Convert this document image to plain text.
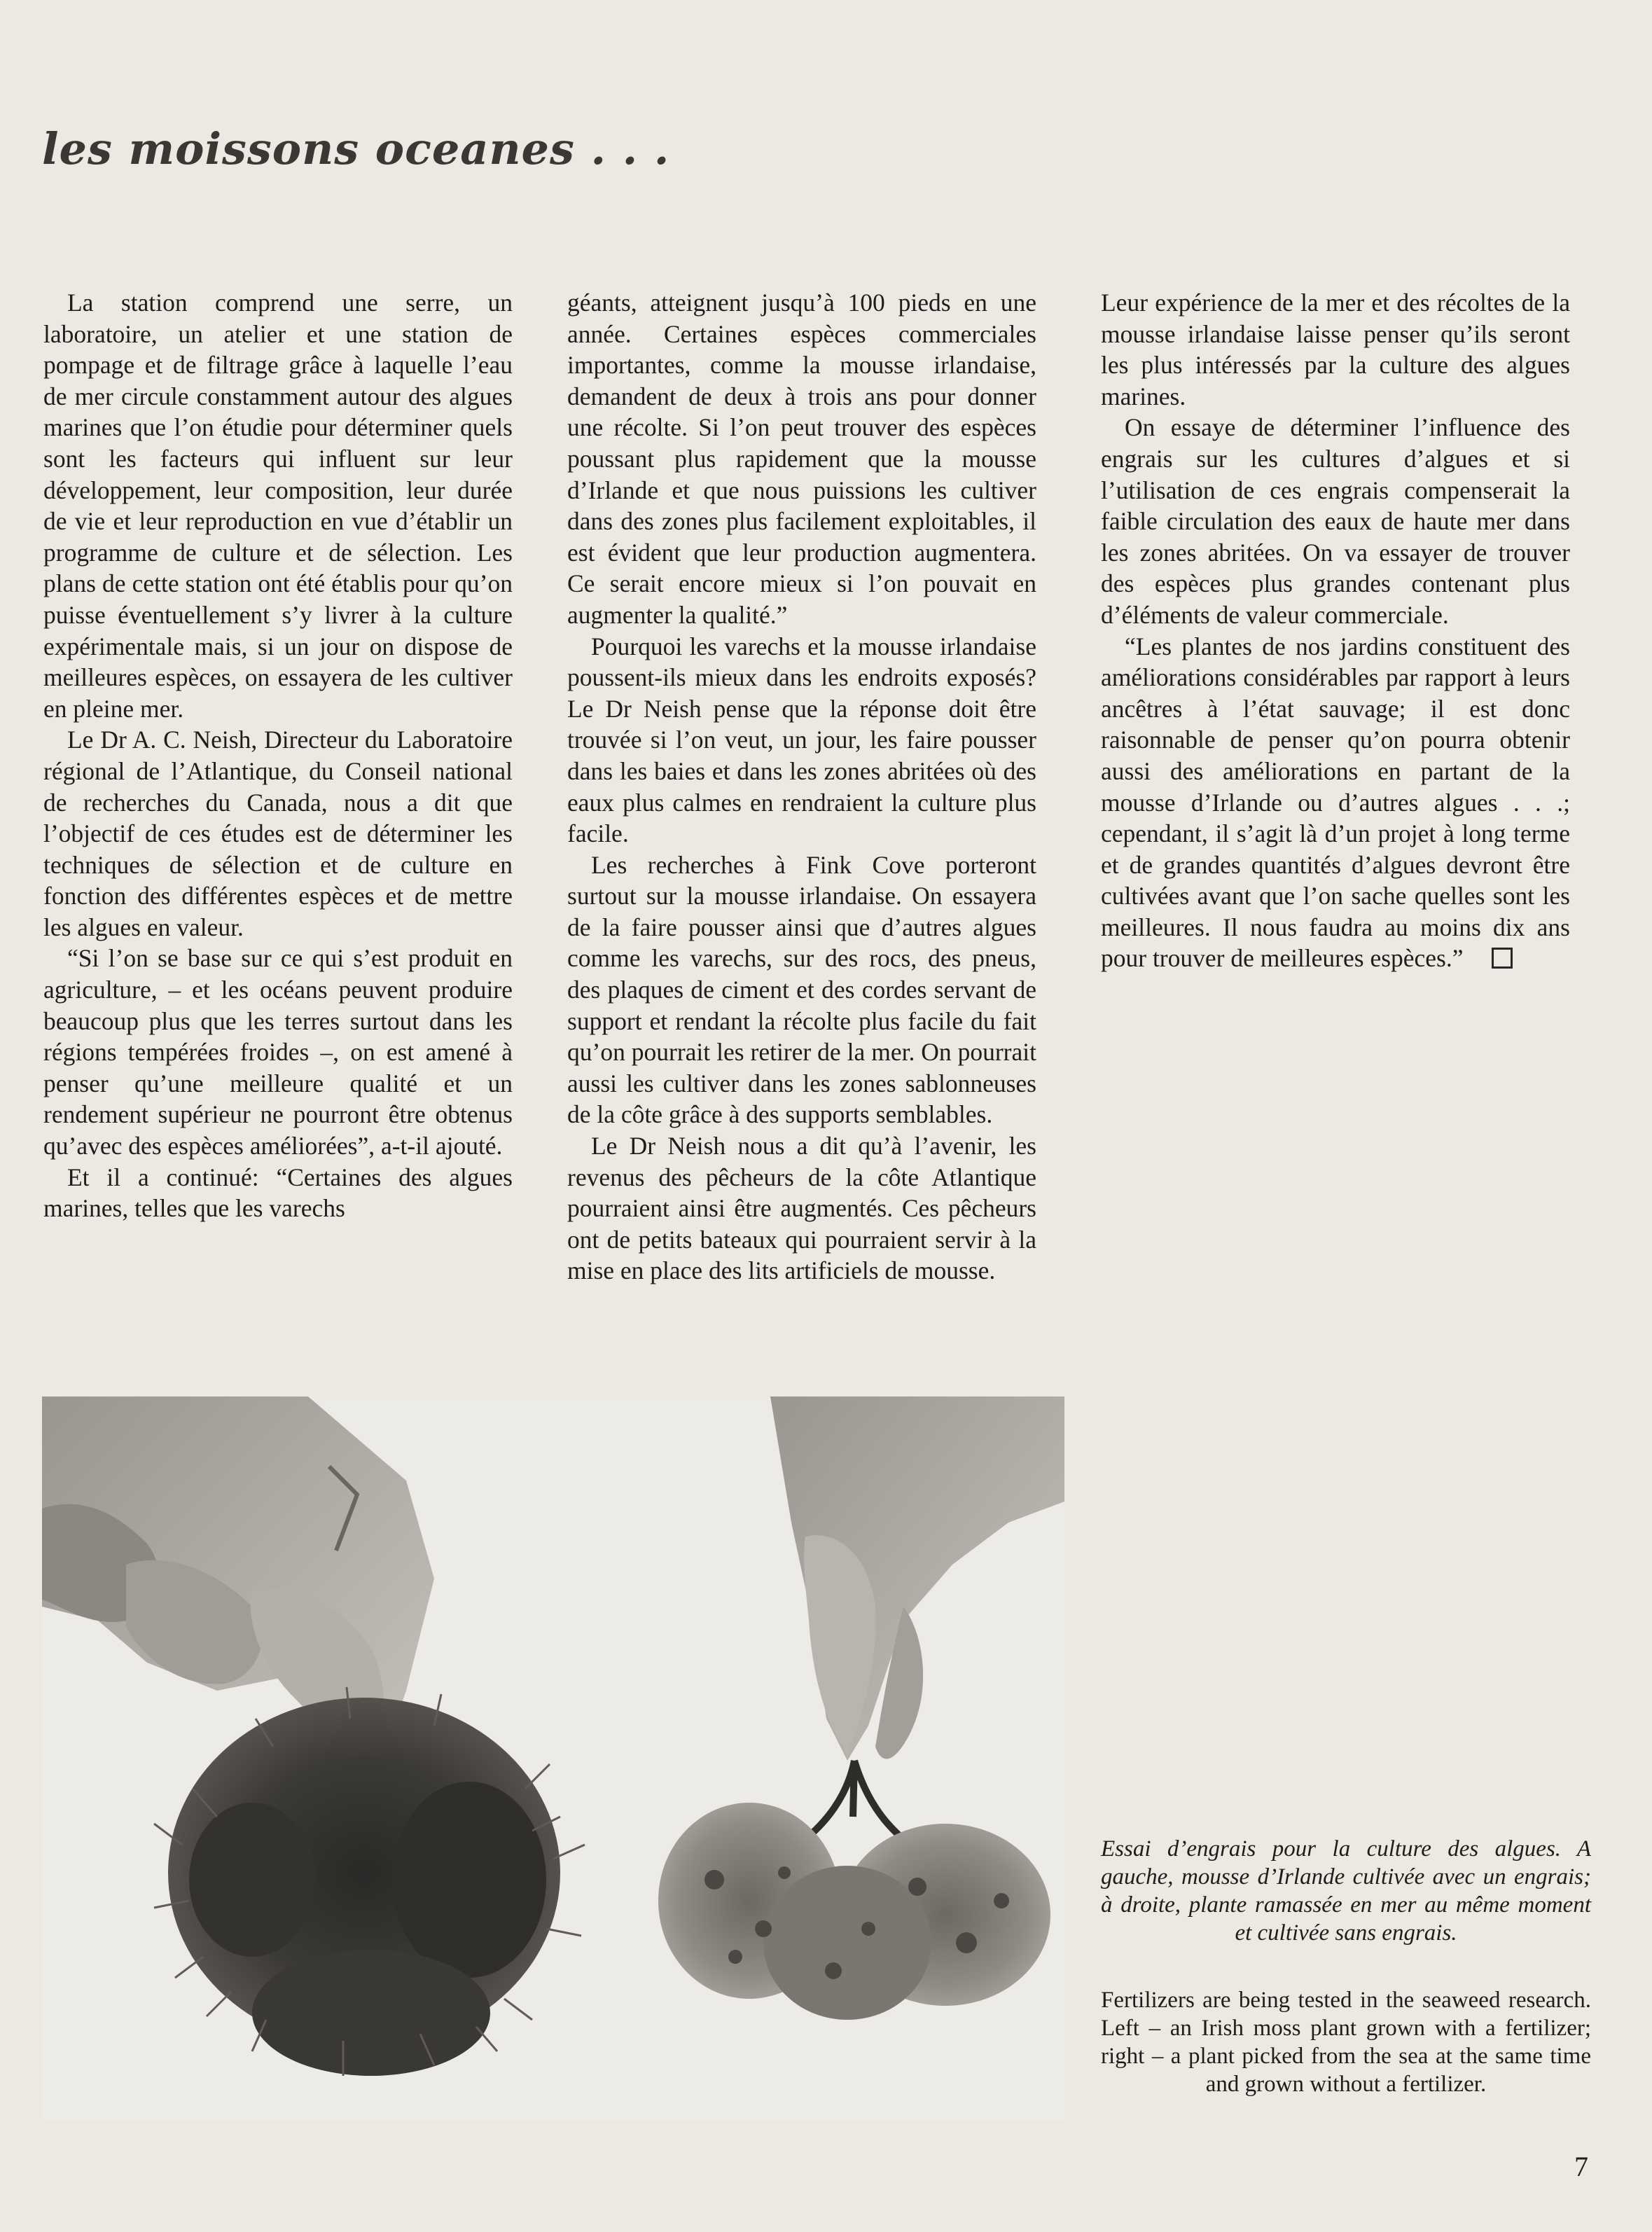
les moissons oceanes . . .

La station comprend une serre, un laboratoire, un atelier et une station de pompage et de filtrage grâce à laquelle l’eau de mer circule constamment autour des algues marines que l’on étudie pour déterminer quels sont les facteurs qui influent sur leur développement, leur composition, leur durée de vie et leur reproduction en vue d’établir un programme de culture et de sélection. Les plans de cette station ont été établis pour qu’on puisse éventuellement s’y livrer à la culture expérimentale mais, si un jour on dispose de meilleures espèces, on essayera de les cultiver en pleine mer.

Le Dr A. C. Neish, Directeur du Laboratoire régional de l’Atlantique, du Conseil national de recherches du Canada, nous a dit que l’objectif de ces études est de déterminer les techniques de sélection et de culture en fonction des différentes espèces et de mettre les algues en valeur.

“Si l’on se base sur ce qui s’est produit en agriculture, – et les océans peuvent produire beaucoup plus que les terres surtout dans les régions tempérées froides –, on est amené à penser qu’une meilleure qualité et un rendement supérieur ne pourront être obtenus qu’avec des espèces améliorées”, a-t-il ajouté.

Et il a continué: “Certaines des algues marines, telles que les varechs

géants, atteignent jusqu’à 100 pieds en une année. Certaines espèces commerciales importantes, comme la mousse irlandaise, demandent de deux à trois ans pour donner une récolte. Si l’on peut trouver des espèces poussant plus rapidement que la mousse d’Irlande et que nous puissions les cultiver dans des zones plus facilement exploitables, il est évident que leur production augmentera. Ce serait encore mieux si l’on pouvait en augmenter la qualité.”

Pourquoi les varechs et la mousse irlandaise poussent-ils mieux dans les endroits exposés? Le Dr Neish pense que la réponse doit être trouvée si l’on veut, un jour, les faire pousser dans les baies et dans les zones abritées où des eaux plus calmes en rendraient la culture plus facile.

Les recherches à Fink Cove porteront surtout sur la mousse irlandaise. On essayera de la faire pousser ainsi que d’autres algues comme les varechs, sur des rocs, des pneus, des plaques de ciment et des cordes servant de support et rendant la récolte plus facile du fait qu’on pourrait les retirer de la mer. On pourrait aussi les cultiver dans les zones sablonneuses de la côte grâce à des supports semblables.

Le Dr Neish nous a dit qu’à l’avenir, les revenus des pêcheurs de la côte Atlantique pourraient ainsi être augmentés. Ces pêcheurs ont de petits bateaux qui pourraient servir à la mise en place des lits artificiels de mousse.

Leur expérience de la mer et des récoltes de la mousse irlandaise laisse penser qu’ils seront les plus intéressés par la culture des algues marines.

On essaye de déterminer l’influence des engrais sur les cultures d’algues et si l’utilisation de ces engrais compenserait la faible circulation des eaux de haute mer dans les zones abritées. On va essayer de trouver des espèces plus grandes contenant plus d’éléments de valeur commerciale.

“Les plantes de nos jardins constituent des améliorations considérables par rapport à leurs ancêtres à l’état sauvage; il est donc raisonnable de penser qu’on pourra obtenir aussi des améliorations en partant de la mousse d’Irlande ou d’autres algues . . .; cependant, il s’agit là d’un projet à long terme et de grandes quantités d’algues devront être cultivées avant que l’on sache quelles sont les meilleures. Il nous faudra au moins dix ans pour trouver de meilleures espèces.”

Essai d’engrais pour la culture des algues. A gauche, mousse d’Irlande cultivée avec un engrais; à droite, plante ramassée en mer au même moment et cultivée sans engrais.
Fertilizers are being tested in the seaweed research. Left – an Irish moss plant grown with a fertilizer; right – a plant picked from the sea at the same time and grown without a fertilizer.
7
